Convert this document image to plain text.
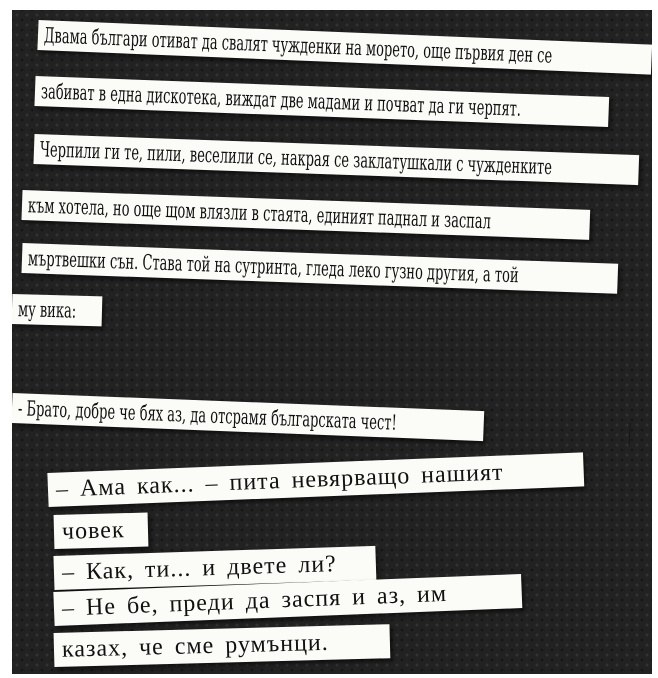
Двама българи отиват да свалят чужденки на морето, още първия ден се
забиват в една дискотека, виждат две мадами и почват да ги черпят.
Черпили ги те, пили, веселили се, накрая се заклатушкали с чужденките
към хотела, но още щом влязли в стаята, единият паднал и заспал
мъртвешки сън. Става той на сутринта, гледа леко гузно другия, а той
му вика:
- Брато, добре че бях аз, да отсрамя българската чест!
– Ама как... – пита невярващо нашият
човек
– Как, ти... и двете ли?
– Не бе, преди да заспя и аз, им
казах, че сме румънци.
